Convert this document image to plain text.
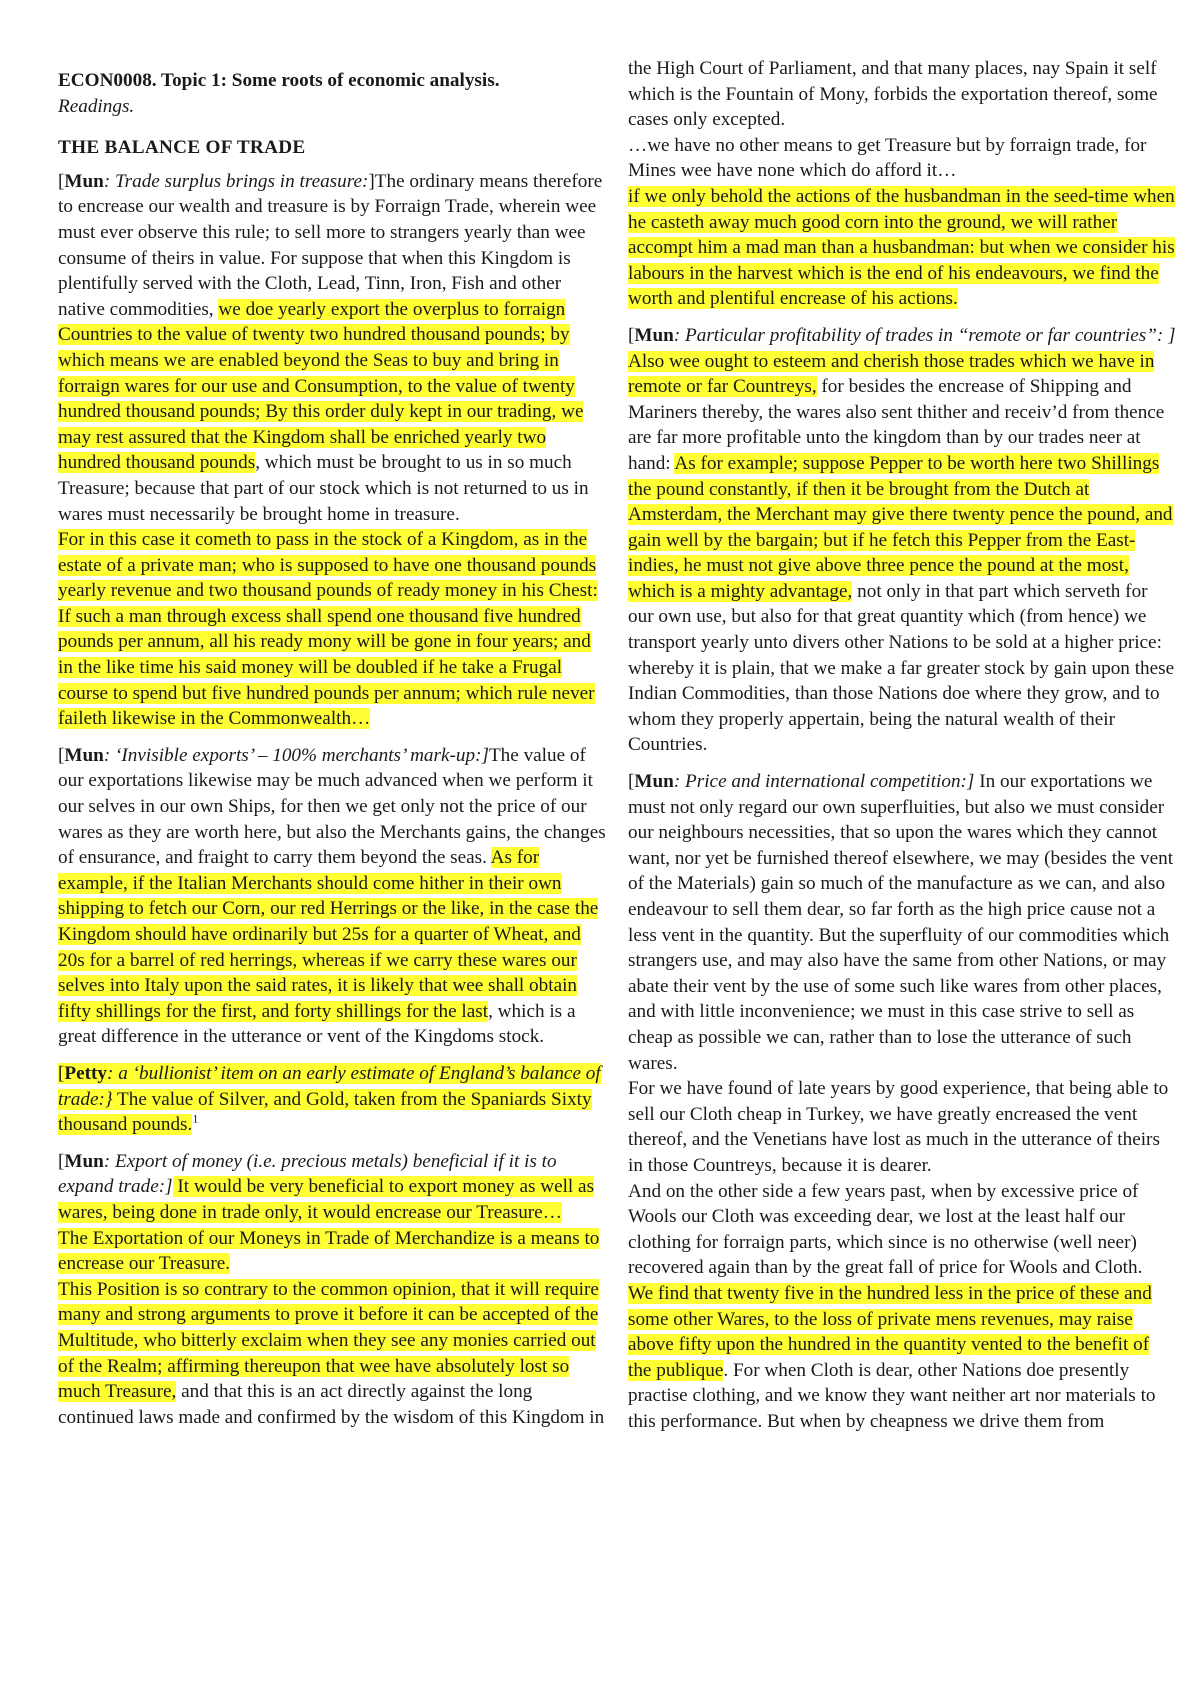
ECON0008. Topic 1: Some roots of economic analysis.

Readings.

THE BALANCE OF TRADE

[Mun: Trade surplus brings in treasure:]The ordinary means therefore to encrease our wealth and treasure is by Forraign Trade, wherein wee must ever observe this rule; to sell more to strangers yearly than wee consume of theirs in value. For suppose that when this Kingdom is plentifully served with the Cloth, Lead, Tinn, Iron, Fish and other native commodities, we doe yearly export the overplus to forraign Countries to the value of twenty two hundred thousand pounds; by which means we are enabled beyond the Seas to buy and bring in forraign wares for our use and Consumption, to the value of twenty hundred thousand pounds; By this order duly kept in our trading, we may rest assured that the Kingdom shall be enriched yearly two hundred thousand pounds, which must be brought to us in so much Treasure; because that part of our stock which is not returned to us in wares must necessarily be brought home in treasure.

For in this case it cometh to pass in the stock of a Kingdom, as in the estate of a private man; who is supposed to have one thousand pounds yearly revenue and two thousand pounds of ready money in his Chest: If such a man through excess shall spend one thousand five hundred pounds per annum, all his ready mony will be gone in four years; and in the like time his said money will be doubled if he take a Frugal course to spend but five hundred pounds per annum; which rule never faileth likewise in the Commonwealth…

[Mun: ‘Invisible exports’ – 100% merchants’ mark-up:]The value of our exportations likewise may be much advanced when we perform it our selves in our own Ships, for then we get only not the price of our wares as they are worth here, but also the Merchants gains, the changes of ensurance, and fraight to carry them beyond the seas. As for example, if the Italian Merchants should come hither in their own shipping to fetch our Corn, our red Herrings or the like, in the case the Kingdom should have ordinarily but 25s for a quarter of Wheat, and 20s for a barrel of red herrings, whereas if we carry these wares our selves into Italy upon the said rates, it is likely that wee shall obtain fifty shillings for the first, and forty shillings for the last, which is a great difference in the utterance or vent of the Kingdoms stock.

[Petty: a ‘bullionist’ item on an early estimate of England’s balance of trade:} The value of Silver, and Gold, taken from the Spaniards Sixty thousand pounds.$^1$

[Mun: Export of money (i.e. precious metals) beneficial if it is to expand trade:] It would be very beneficial to export money as well as wares, being done in trade only, it would encrease our Treasure…

The Exportation of our Moneys in Trade of Merchandize is a means to encrease our Treasure.

This Position is so contrary to the common opinion, that it will require many and strong arguments to prove it before it can be accepted of the Multitude, who bitterly exclaim when they see any monies carried out of the Realm; affirming thereupon that wee have absolutely lost so much Treasure, and that this is an act directly against the long continued laws made and confirmed by the wisdom of this Kingdom in

the High Court of Parliament, and that many places, nay Spain it self which is the Fountain of Mony, forbids the exportation thereof, some cases only excepted.

…we have no other means to get Treasure but by forraign trade, for Mines wee have none which do afford it…

if we only behold the actions of the husbandman in the seed-time when he casteth away much good corn into the ground, we will rather accompt him a mad man than a husbandman: but when we consider his labours in the harvest which is the end of his endeavours, we find the worth and plentiful encrease of his actions.

[Mun: Particular profitability of trades in “remote or far countries”: ] Also wee ought to esteem and cherish those trades which we have in remote or far Countreys, for besides the encrease of Shipping and Mariners thereby, the wares also sent thither and receiv’d from thence are far more profitable unto the kingdom than by our trades neer at hand: As for example; suppose Pepper to be worth here two Shillings the pound constantly, if then it be brought from the Dutch at Amsterdam, the Merchant may give there twenty pence the pound, and gain well by the bargain; but if he fetch this Pepper from the East-indies, he must not give above three pence the pound at the most, which is a mighty advantage, not only in that part which serveth for our own use, but also for that great quantity which (from hence) we transport yearly unto divers other Nations to be sold at a higher price: whereby it is plain, that we make a far greater stock by gain upon these Indian Commodities, than those Nations doe where they grow, and to whom they properly appertain, being the natural wealth of their Countries.

[Mun: Price and international competition:] In our exportations we must not only regard our own superfluities, but also we must consider our neighbours necessities, that so upon the wares which they cannot want, nor yet be furnished thereof elsewhere, we may (besides the vent of the Materials) gain so much of the manufacture as we can, and also endeavour to sell them dear, so far forth as the high price cause not a less vent in the quantity. But the superfluity of our commodities which strangers use, and may also have the same from other Nations, or may abate their vent by the use of some such like wares from other places, and with little inconvenience; we must in this case strive to sell as cheap as possible we can, rather than to lose the utterance of such wares.

For we have found of late years by good experience, that being able to sell our Cloth cheap in Turkey, we have greatly encreased the vent thereof, and the Venetians have lost as much in the utterance of theirs in those Countreys, because it is dearer.

And on the other side a few years past, when by excessive price of Wools our Cloth was exceeding dear, we lost at the least half our clothing for forraign parts, which since is no otherwise (well neer) recovered again than by the great fall of price for Wools and Cloth.

We find that twenty five in the hundred less in the price of these and some other Wares, to the loss of private mens revenues, may raise above fifty upon the hundred in the quantity vented to the benefit of the publique. For when Cloth is dear, other Nations doe presently practise clothing, and we know they want neither art nor materials to this performance. But when by cheapness we drive them from
